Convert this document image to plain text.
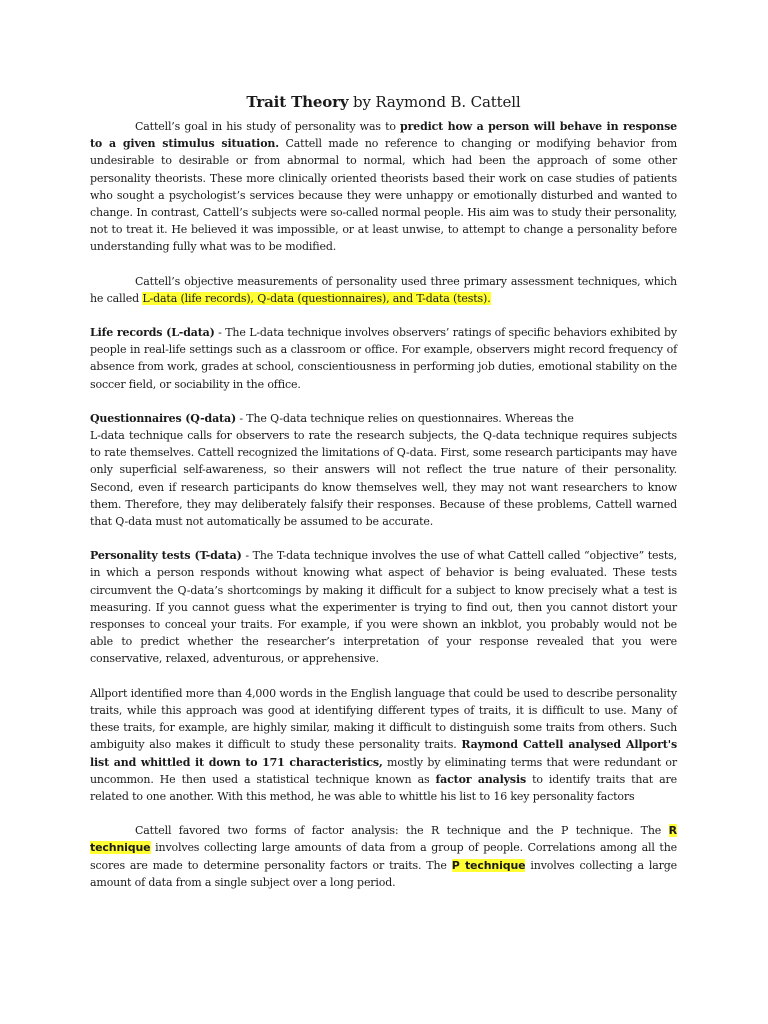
Trait Theory by Raymond B. Cattell

Cattell’s goal in his study of personality was to predict how a person will behave in response to a given stimulus situation. Cattell made no reference to changing or modifying behavior from undesirable to desirable or from abnormal to normal, which had been the approach of some other personality theorists. These more clinically oriented theorists based their work on case studies of patients who sought a psychologist’s services because they were unhappy or emotionally disturbed and wanted to change. In contrast, Cattell’s subjects were so-called normal people. His aim was to study their personality, not to treat it. He believed it was impossible, or at least unwise, to attempt to change a personality before understanding fully what was to be modified.

Cattell’s objective measurements of personality used three primary assessment techniques, which he called L-data (life records), Q-data (questionnaires), and T-data (tests).

Life records (L-data) - The L-data technique involves observers’ ratings of specific behaviors exhibited by people in real-life settings such as a classroom or office. For example, observers might record frequency of absence from work, grades at school, conscientiousness in performing job duties, emotional stability on the soccer field, or sociability in the office.

Questionnaires (Q-data) - The Q-data technique relies on questionnaires. Whereas the
L-data technique calls for observers to rate the research subjects, the Q-data technique requires subjects to rate themselves. Cattell recognized the limitations of Q-data. First, some research participants may have only superficial self-awareness, so their answers will not reflect the true nature of their personality. Second, even if research participants do know themselves well, they may not want researchers to know them. Therefore, they may deliberately falsify their responses. Because of these problems, Cattell warned that Q-data must not automatically be assumed to be accurate.

Personality tests (T-data) - The T-data technique involves the use of what Cattell called “objective” tests, in which a person responds without knowing what aspect of behavior is being evaluated. These tests circumvent the Q-data’s shortcomings by making it difficult for a subject to know precisely what a test is measuring. If you cannot guess what the experimenter is trying to find out, then you cannot distort your responses to conceal your traits. For example, if you were shown an inkblot, you probably would not be able to predict whether the researcher’s interpretation of your response revealed that you were conservative, relaxed, adventurous, or apprehensive.

Allport identified more than 4,000 words in the English language that could be used to describe personality traits, while this approach was good at identifying different types of traits, it is difficult to use. Many of these traits, for example, are highly similar, making it difficult to distinguish some traits from others. Such ambiguity also makes it difficult to study these personality traits. Raymond Cattell analysed Allport's list and whittled it down to 171 characteristics, mostly by eliminating terms that were redundant or uncommon. He then used a statistical technique known as factor analysis to identify traits that are related to one another. With this method, he was able to whittle his list to 16 key personality factors

Cattell favored two forms of factor analysis: the R technique and the P technique. The R technique involves collecting large amounts of data from a group of people. Correlations among all the scores are made to determine personality factors or traits. The P technique involves collecting a large amount of data from a single subject over a long period.
